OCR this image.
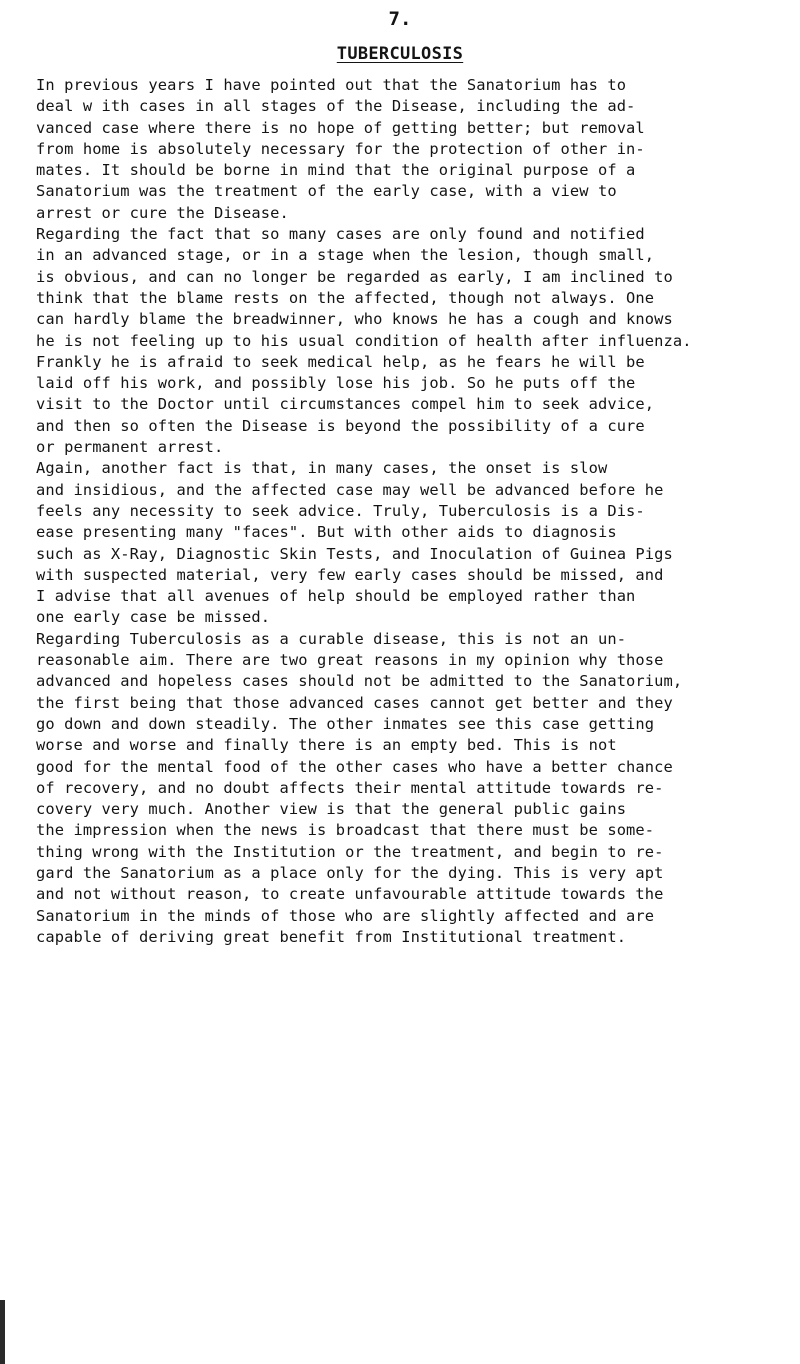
7.
TUBERCULOSIS
In previous years I have pointed out that the Sanatorium has to
deal w ith cases in all stages of the Disease, including the ad-
vanced case where there is no hope of getting better; but removal
from home is absolutely necessary for the protection of other in-
mates. It should be borne in mind that the original purpose of a
Sanatorium was the treatment of the early case, with a view to
arrest or cure the Disease.
Regarding the fact that so many cases are only found and notified
in an advanced stage, or in a stage when the lesion, though small,
is obvious, and can no longer be regarded as early, I am inclined to
think that the blame rests on the affected, though not always. One
can hardly blame the breadwinner, who knows he has a cough and knows
he is not feeling up to his usual condition of health after influenza.
Frankly he is afraid to seek medical help, as he fears he will be
laid off his work, and possibly lose his job. So he puts off the
visit to the Doctor until circumstances compel him to seek advice,
and then so often the Disease is beyond the possibility of a cure
or permanent arrest.
Again, another fact is that, in many cases, the onset is slow
and insidious, and the affected case may well be advanced before he
feels any necessity to seek advice. Truly, Tuberculosis is a Dis-
ease presenting many "faces". But with other aids to diagnosis
such as X-Ray, Diagnostic Skin Tests, and Inoculation of Guinea Pigs
with suspected material, very few early cases should be missed, and
I advise that all avenues of help should be employed rather than
one early case be missed.
Regarding Tuberculosis as a curable disease, this is not an un-
reasonable aim. There are two great reasons in my opinion why those
advanced and hopeless cases should not be admitted to the Sanatorium,
the first being that those advanced cases cannot get better and they
go down and down steadily. The other inmates see this case getting
worse and worse and finally there is an empty bed. This is not
good for the mental food of the other cases who have a better chance
of recovery, and no doubt affects their mental attitude towards re-
covery very much. Another view is that the general public gains
the impression when the news is broadcast that there must be some-
thing wrong with the Institution or the treatment, and begin to re-
gard the Sanatorium as a place only for the dying. This is very apt
and not without reason, to create unfavourable attitude towards the
Sanatorium in the minds of those who are slightly affected and are
capable of deriving great benefit from Institutional treatment.
